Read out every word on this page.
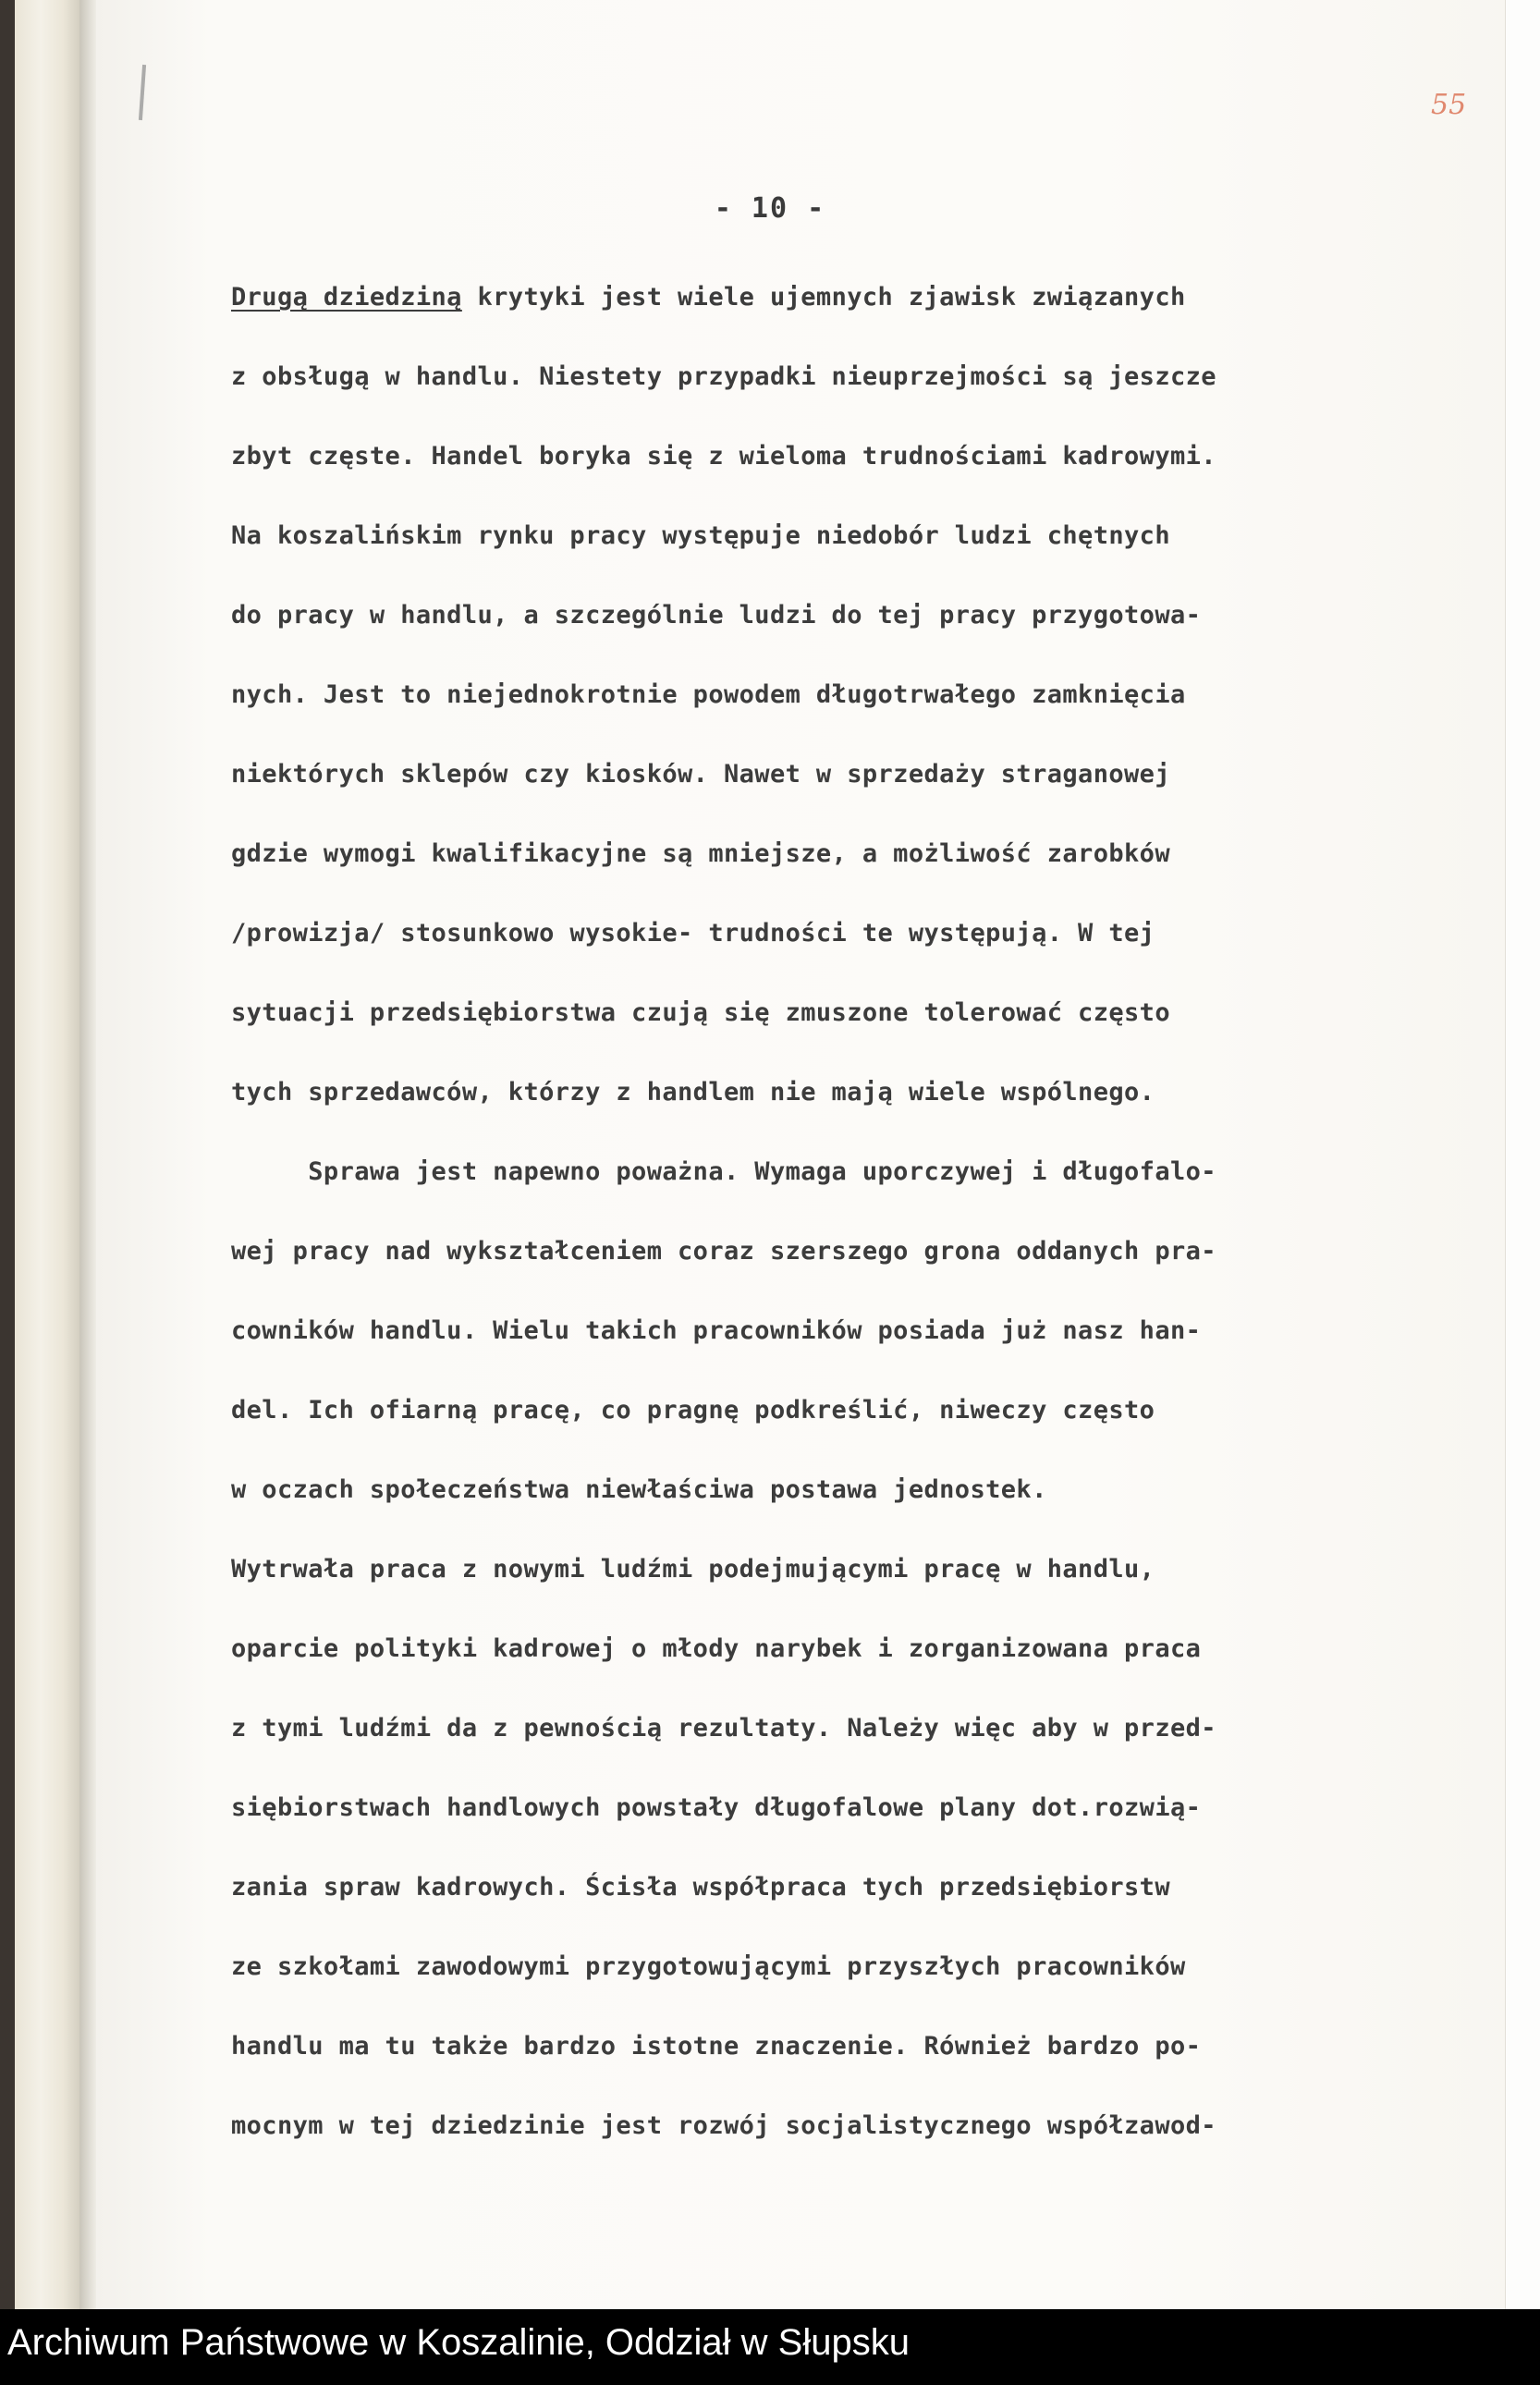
55
- 10 -
Drugą dziedziną krytyki jest wiele ujemnych zjawisk związanych
z obsługą w handlu. Niestety przypadki nieuprzejmości są jeszcze
zbyt częste. Handel boryka się z wieloma trudnościami kadrowymi.
Na koszalińskim rynku pracy występuje niedobór ludzi chętnych
do pracy w handlu, a szczególnie ludzi do tej pracy przygotowa-
nych. Jest to niejednokrotnie powodem długotrwałego zamknięcia
niektórych sklepów czy kiosków. Nawet w sprzedaży straganowej
gdzie wymogi kwalifikacyjne są mniejsze, a możliwość zarobków
/prowizja/ stosunkowo wysokie- trudności te występują. W tej
sytuacji przedsiębiorstwa czują się zmuszone tolerować często
tych sprzedawców, którzy z handlem nie mają wiele wspólnego.
Sprawa jest napewno poważna. Wymaga uporczywej i długofalo-
wej pracy nad wykształceniem coraz szerszego grona oddanych pra-
cowników handlu. Wielu takich pracowników posiada już nasz han-
del. Ich ofiarną pracę, co pragnę podkreślić, niweczy często
w oczach społeczeństwa niewłaściwa postawa jednostek.
Wytrwała praca z nowymi ludźmi podejmującymi pracę w handlu,
oparcie polityki kadrowej o młody narybek i zorganizowana praca
z tymi ludźmi da z pewnością rezultaty. Należy więc aby w przed-
siębiorstwach handlowych powstały długofalowe plany dot.rozwią-
zania spraw kadrowych. Ścisła współpraca tych przedsiębiorstw
ze szkołami zawodowymi przygotowującymi przyszłych pracowników
handlu ma tu także bardzo istotne znaczenie. Również bardzo po-
mocnym w tej dziedzinie jest rozwój socjalistycznego współzawod-
Archiwum Państwowe w Koszalinie, Oddział w Słupsku
